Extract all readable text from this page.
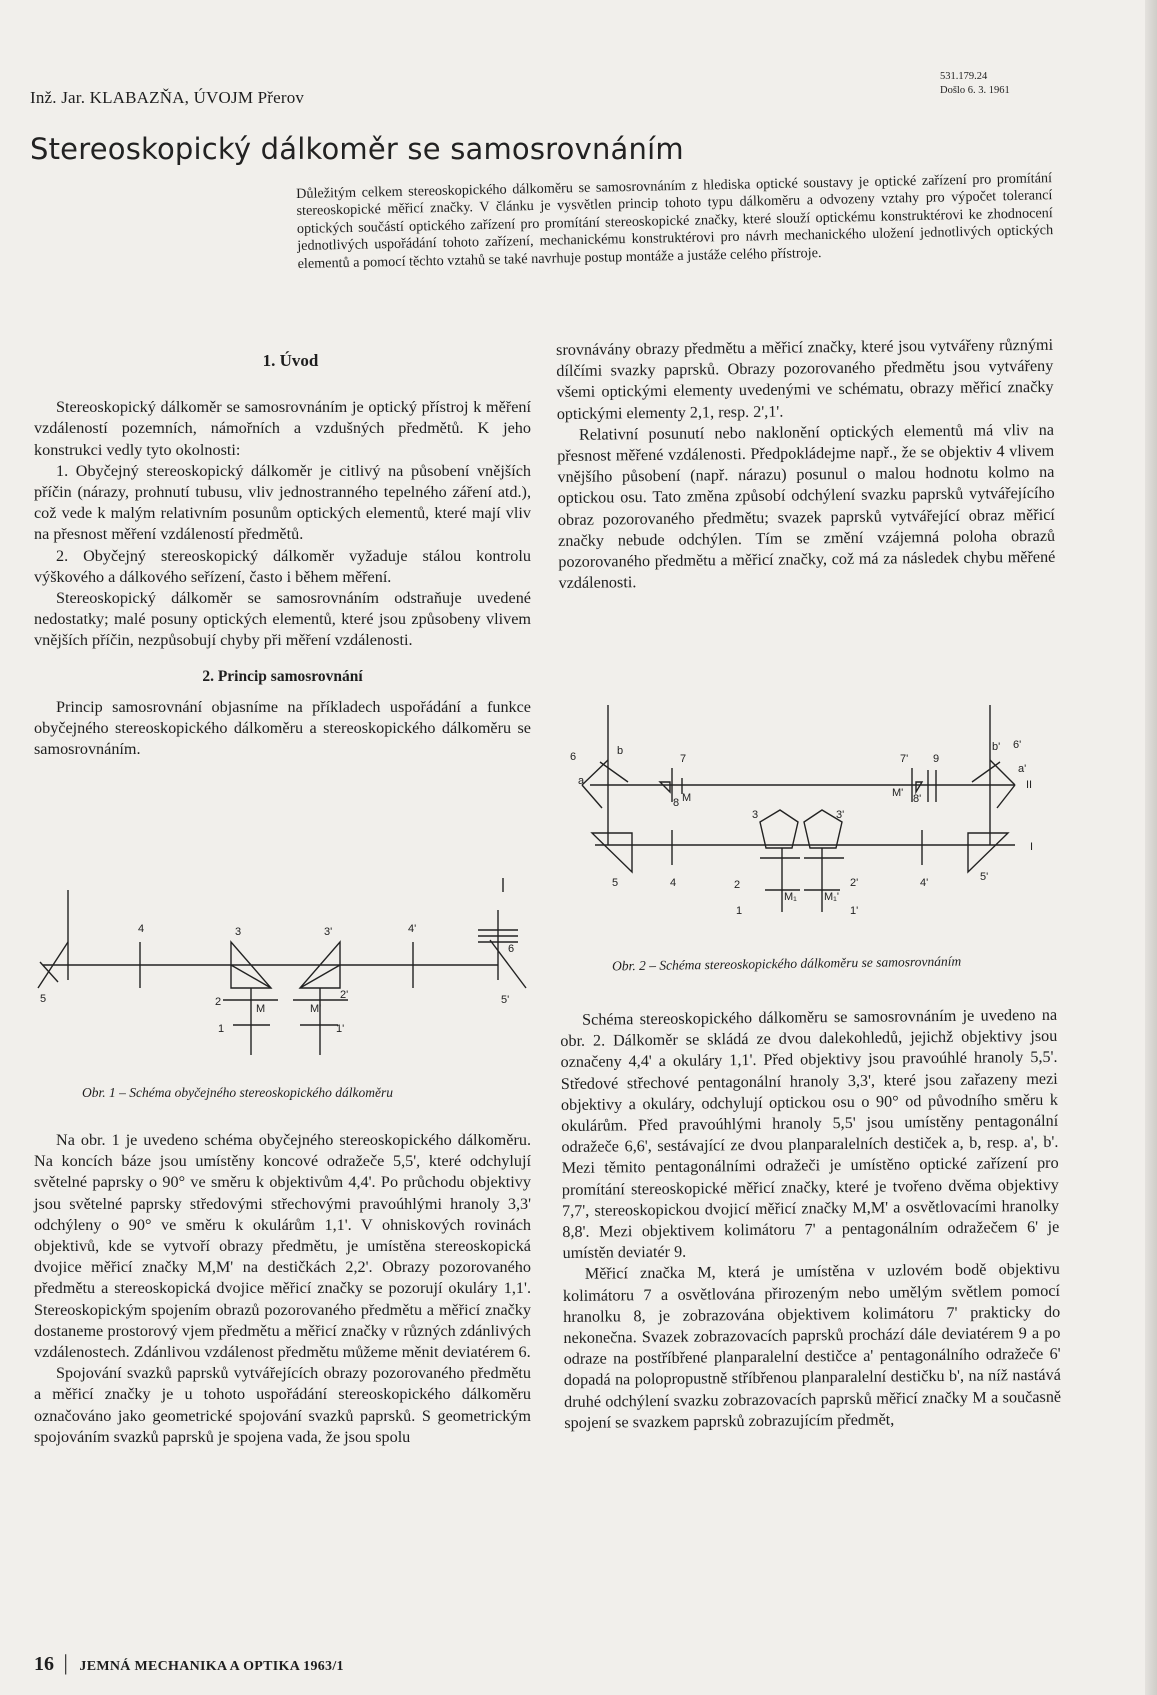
Inž. Jar. KLABAZŇA, ÚVOJM Přerov
531.179.24
Došlo 6. 3. 1961
Stereoskopický dálkoměr se samosrovnáním
Důležitým celkem stereoskopického dálkoměru se samosrovnáním z hlediska optické soustavy je optické zařízení pro promítání stereoskopické měřicí značky. V článku je vysvětlen princip tohoto typu dálkoměru a odvozeny vztahy pro výpočet tolerancí optických součástí optického zařízení pro promítání stereoskopické značky, které slouží optickému konstruktérovi ke zhodnocení jednotlivých uspořádání tohoto zařízení, mechanickému konstruktérovi pro návrh mechanického uložení jednotlivých optických elementů a pomocí těchto vztahů se také navrhuje postup montáže a justáže celého přístroje.
1. Úvod

Stereoskopický dálkoměr se samosrovnáním je optický přístroj k měření vzdáleností pozemních, námořních a vzdušných předmětů. K jeho konstrukci vedly tyto okolnosti:

1. Obyčejný stereoskopický dálkoměr je citlivý na působení vnějších příčin (nárazy, prohnutí tubusu, vliv jednostranného tepelného záření atd.), což vede k malým relativním posunům optických elementů, které mají vliv na přesnost měření vzdáleností předmětů.

2. Obyčejný stereoskopický dálkoměr vyžaduje stálou kontrolu výškového a dálkového seřízení, často i během měření.

Stereoskopický dálkoměr se samosrovnáním odstraňuje uvedené nedostatky; malé posuny optických elementů, které jsou způsobeny vlivem vnějších příčin, nezpůsobují chyby při měření vzdálenosti.

2. Princip samosrovnání

Princip samosrovnání objasníme na příkladech uspořádání a funkce obyčejného stereoskopického dálkoměru a stereoskopického dálkoměru se samosrovnáním.

5
4	3	3'	4'
6
5'
2
2'
M	M'
1	1'
Obr. 1 – Schéma obyčejného stereoskopického dálkoměru

Na obr. 1 je uvedeno schéma obyčejného stereoskopického dálkoměru. Na koncích báze jsou umístěny koncové odražeče 5,5', které odchylují světelné paprsky o 90° ve směru k objektivům 4,4'. Po průchodu objektivy jsou světelné paprsky středovými střechovými pravoúhlými hranoly 3,3' odchýleny o 90° ve směru k okulárům 1,1'. V ohniskových rovinách objektivů, kde se vytvoří obrazy předmětu, je umístěna stereoskopická dvojice měřicí značky M,M' na destičkách 2,2'. Obrazy pozorovaného předmětu a stereoskopická dvojice měřicí značky se pozorují okuláry 1,1'. Stereoskopickým spojením obrazů pozorovaného předmětu a měřicí značky dostaneme prostorový vjem předmětu a měřicí značky v různých zdánlivých vzdálenostech. Zdánlivou vzdálenost předmětu můžeme měnit deviatérem 6.

Spojování svazků paprsků vytvářejících obrazy pozorovaného předmětu a měřicí značky je u tohoto uspořádání stereoskopického dálkoměru označováno jako geometrické spojování svazků paprsků. S geometrickým spojováním svazků paprsků je spojena vada, že jsou spolu

srovnávány obrazy předmětu a měřicí značky, které jsou vytvářeny různými dílčími svazky paprsků. Obrazy pozorovaného předmětu jsou vytvářeny všemi optickými elementy uvedenými ve schématu, obrazy měřicí značky optickými elementy 2,1, resp. 2',1'.

Relativní posunutí nebo naklonění optických elementů má vliv na přesnost měřené vzdálenosti. Předpokládejme např., že se objektiv 4 vlivem vnějšího působení (např. nárazu) posunul o malou hodnotu kolmo na optickou osu. Tato změna způsobí odchýlení svazku paprsků vytvářejícího obraz pozorovaného předmětu; svazek paprsků vytvářející obraz měřicí značky nebude odchýlen. Tím se změní vzájemná poloha obrazů pozorovaného předmětu a měřicí značky, což má za následek chybu měřené vzdálenosti.

6
a
b
7
8 M
7' 9
M' 8'
b' 6'
a'
II
I
3	3'
5	4	4'	5'
2	2'
M₁ M₁'
1	1'
Obr. 2 – Schéma stereoskopického dálkoměru se samosrovnáním

Schéma stereoskopického dálkoměru se samosrovnáním je uvedeno na obr. 2. Dálkoměr se skládá ze dvou dalekohledů, jejichž objektivy jsou označeny 4,4' a okuláry 1,1'. Před objektivy jsou pravoúhlé hranoly 5,5'. Středové střechové pentagonální hranoly 3,3', které jsou zařazeny mezi objektivy a okuláry, odchylují optickou osu o 90° od původního směru k okulárům. Před pravoúhlými hranoly 5,5' jsou umístěny pentagonální odražeče 6,6', sestávající ze dvou planparalelních destiček a, b, resp. a', b'. Mezi těmito pentagonálními odražeči je umístěno optické zařízení pro promítání stereoskopické měřicí značky, které je tvořeno dvěma objektivy 7,7', stereoskopickou dvojicí měřicí značky M,M' a osvětlovacími hranolky 8,8'. Mezi objektivem kolimátoru 7' a pentagonálním odražečem 6' je umístěn deviatér 9.

Měřicí značka M, která je umístěna v uzlovém bodě objektivu kolimátoru 7 a osvětlována přirozeným nebo umělým světlem pomocí hranolku 8, je zobrazována objektivem kolimátoru 7' prakticky do nekonečna. Svazek zobrazovacích paprsků prochází dále deviatérem 9 a po odraze na postříbřené planparalelní destičce a' pentagonálního odražeče 6' dopadá na polopropustně stříbřenou planparalelní destičku b', na níž nastává druhé odchýlení svazku zobrazovacích paprsků měřicí značky M a současně spojení se svazkem paprsků zobrazujícím předmět,

16 | JEMNÁ MECHANIKA A OPTIKA 1963/1
